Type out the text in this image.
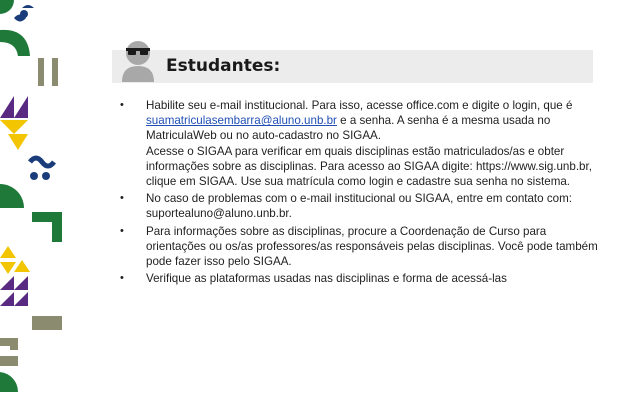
Estudantes:
• Habilite seu e-mail institucional. Para isso, acesse office.com e digite o login, que é suamatriculasembarra@aluno.unb.br e a senha. A senha é a mesma usada no MatriculaWeb ou no auto-cadastro no SIGAA.
Acesse o SIGAA para verificar em quais disciplinas estão matriculados/as e obter informações sobre as disciplinas. Para acesso ao SIGAA digite: https://www.sig.unb.br, clique em SIGAA. Use sua matrícula como login e cadastre sua senha no sistema.
• No caso de problemas com o e-mail institucional ou SIGAA, entre em contato com: suportealuno@aluno.unb.br.
• Para informações sobre as disciplinas, procure a Coordenação de Curso para orientações ou os/as professores/as responsáveis pelas disciplinas. Você pode também pode fazer isso pelo SIGAA.
• Verifique as plataformas usadas nas disciplinas e forma de acessá-las
